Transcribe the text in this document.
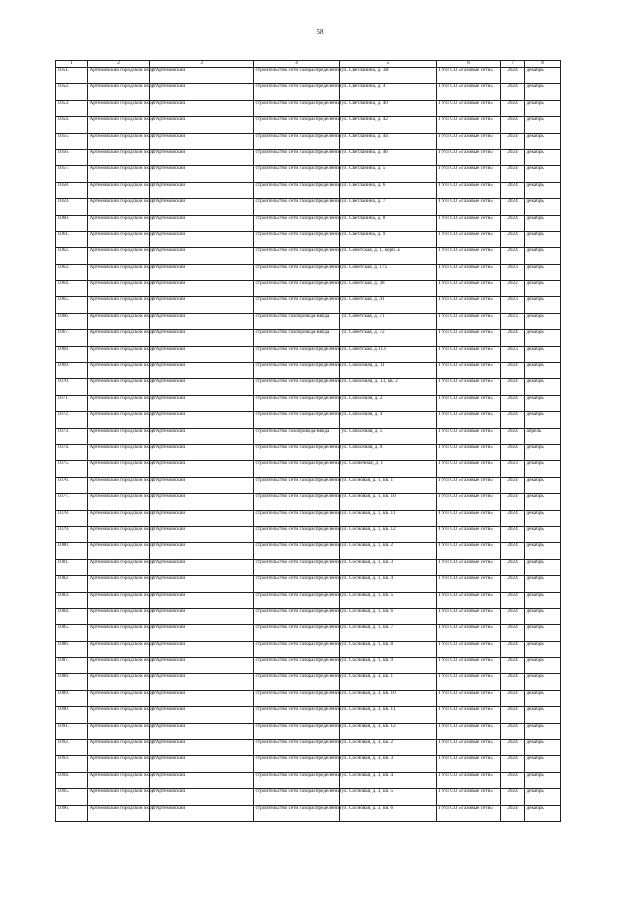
58
1	2	3	4	5	6	7	8
1051.	Артемовский городской округ	г. Артемовский	строительство сети газораспределения	ул. Светланина, д. 3В	ГУП СО «Газовые сети»	2024	декабрь
1052.	Артемовский городской округ	г. Артемовский	строительство сети газораспределения	ул. Светланина, д. 4	ГУП СО «Газовые сети»	2024	декабрь
1053.	Артемовский городской округ	г. Артемовский	строительство сети газораспределения	ул. Светланина, д. 40	ГУП СО «Газовые сети»	2024	декабрь
1054.	Артемовский городской округ	г. Артемовский	строительство сети газораспределения	ул. Светланина, д. 42	ГУП СО «Газовые сети»	2024	декабрь
1055.	Артемовский городской округ	г. Артемовский	строительство сети газораспределения	ул. Светланина, д. 44	ГУП СО «Газовые сети»	2024	декабрь
1056.	Артемовский городской округ	г. Артемовский	строительство сети газораспределения	ул. Светланина, д. 46	ГУП СО «Газовые сети»	2024	декабрь
1057.	Артемовский городской округ	г. Артемовский	строительство сети газораспределения	ул. Светланина, д. 5	ГУП СО «Газовые сети»	2024	декабрь
1058.	Артемовский городской округ	г. Артемовский	строительство сети газораспределения	ул. Светланина, д. 6	ГУП СО «Газовые сети»	2024	декабрь
1059.	Артемовский городской округ	г. Артемовский	строительство сети газораспределения	ул. Светланина, д. 7	ГУП СО «Газовые сети»	2024	декабрь
1060.	Артемовский городской округ	г. Артемовский	строительство сети газораспределения	ул. Светланина, д. 8	ГУП СО «Газовые сети»	2024	декабрь
1061.	Артемовский городской округ	г. Артемовский	строительство сети газораспределения	ул. Светланина, д. 9	ГУП СО «Газовые сети»	2024	декабрь
1062.	Артемовский городской округ	г. Артемовский	строительство сети газораспределения	ул. Советская, д. 1, корп. а	ГУП СО «Газовые сети»	2024	декабрь
1063.	Артемовский городской округ	г. Артемовский	строительство сети газораспределения	ул. Советская, д. 175	ГУП СО «Газовые сети»	2023	декабрь
1064.	Артемовский городской округ	г. Артемовский	строительство сети газораспределения	ул. Советская, д. 38	ГУП СО «Газовые сети»	2022	декабрь
1065.	Артемовский городской округ	г. Артемовский	строительство сети газораспределения	ул. Советская, д. 41	ГУП СО «Газовые сети»	2023	декабрь
1066.	Артемовский городской округ	г. Артемовский	строительство газопровода-ввода	ул. Советская, д. 71	ГУП СО «Газовые сети»	2023	декабрь
1067.	Артемовский городской округ	г. Артемовский	строительство газопровода-ввода	ул. Советская, д. 72	ГУП СО «Газовые сети»	2024	декабрь
1068.	Артемовский городской округ	г. Артемовский	строительство сети газораспределения	ул. Советская, д.113	ГУП СО «Газовые сети»	2023	декабрь
1069.	Артемовский городской округ	г. Артемовский	строительство сети газораспределения	ул. Совхозная, д. 11	ГУП СО «Газовые сети»	2024	декабрь
1070.	Артемовский городской округ	г. Артемовский	строительство сети газораспределения	ул. Совхозная, д. 13, кв. 2	ГУП СО «Газовые сети»	2024	декабрь
1071.	Артемовский городской округ	г. Артемовский	строительство сети газораспределения	ул. Совхозная, д. 2	ГУП СО «Газовые сети»	2024	декабрь
1072.	Артемовский городской округ	г. Артемовский	строительство сети газораспределения	ул. Совхозная, д. 4	ГУП СО «Газовые сети»	2024	декабрь
1073.	Артемовский городской округ	г. Артемовский	строительство газопровода-ввода	ул. Совхозная, д. 5	ГУП СО «Газовые сети»	2024	апрель
1074.	Артемовский городской округ	г. Артемовский	строительство сети газораспределения	ул. Совхозная, д. 8	ГУП СО «Газовые сети»	2024	декабрь
1075.	Артемовский городской округ	г. Артемовский	строительство сети газораспределения	ул. Солнечная, д. 1	ГУП СО «Газовые сети»	2023	декабрь
1076.	Артемовский городской округ	г. Артемовский	строительство сети газораспределения	ул. Сосновая, д. 1, кв. 1	ГУП СО «Газовые сети»	2024	декабрь
1077.	Артемовский городской округ	г. Артемовский	строительство сети газораспределения	ул. Сосновая, д. 1, кв. 10	ГУП СО «Газовые сети»	2024	декабрь
1078.	Артемовский городской округ	г. Артемовский	строительство сети газораспределения	ул. Сосновая, д. 1, кв. 11	ГУП СО «Газовые сети»	2024	декабрь
1079.	Артемовский городской округ	г. Артемовский	строительство сети газораспределения	ул. Сосновая, д. 1, кв. 12	ГУП СО «Газовые сети»	2024	декабрь
1080.	Артемовский городской округ	г. Артемовский	строительство сети газораспределения	ул. Сосновая, д. 1, кв. 2	ГУП СО «Газовые сети»	2024	декабрь
1081.	Артемовский городской округ	г. Артемовский	строительство сети газораспределения	ул. Сосновая, д. 1, кв. 3	ГУП СО «Газовые сети»	2024	декабрь
1082.	Артемовский городской округ	г. Артемовский	строительство сети газораспределения	ул. Сосновая, д. 1, кв. 4	ГУП СО «Газовые сети»	2024	декабрь
1083.	Артемовский городской округ	г. Артемовский	строительство сети газораспределения	ул. Сосновая, д. 1, кв. 5	ГУП СО «Газовые сети»	2024	декабрь
1084.	Артемовский городской округ	г. Артемовский	строительство сети газораспределения	ул. Сосновая, д. 1, кв. 6	ГУП СО «Газовые сети»	2024	декабрь
1085.	Артемовский городской округ	г. Артемовский	строительство сети газораспределения	ул. Сосновая, д. 1, кв. 7	ГУП СО «Газовые сети»	2024	декабрь
1086.	Артемовский городской округ	г. Артемовский	строительство сети газораспределения	ул. Сосновая, д. 1, кв. 8	ГУП СО «Газовые сети»	2024	декабрь
1087.	Артемовский городской округ	г. Артемовский	строительство сети газораспределения	ул. Сосновая, д. 1, кв. 9	ГУП СО «Газовые сети»	2024	декабрь
1088.	Артемовский городской округ	г. Артемовский	строительство сети газораспределения	ул. Сосновая, д. 3, кв. 1	ГУП СО «Газовые сети»	2024	декабрь
1089.	Артемовский городской округ	г. Артемовский	строительство сети газораспределения	ул. Сосновая, д. 3, кв. 10	ГУП СО «Газовые сети»	2024	декабрь
1090.	Артемовский городской округ	г. Артемовский	строительство сети газораспределения	ул. Сосновая, д. 3, кв. 11	ГУП СО «Газовые сети»	2024	декабрь
1091.	Артемовский городской округ	г. Артемовский	строительство сети газораспределения	ул. Сосновая, д. 3, кв. 12	ГУП СО «Газовые сети»	2024	декабрь
1092.	Артемовский городской округ	г. Артемовский	строительство сети газораспределения	ул. Сосновая, д. 3, кв. 2	ГУП СО «Газовые сети»	2024	декабрь
1093.	Артемовский городской округ	г. Артемовский	строительство сети газораспределения	ул. Сосновая, д. 3, кв. 3	ГУП СО «Газовые сети»	2024	декабрь
1094.	Артемовский городской округ	г. Артемовский	строительство сети газораспределения	ул. Сосновая, д. 3, кв. 4	ГУП СО «Газовые сети»	2024	декабрь
1095.	Артемовский городской округ	г. Артемовский	строительство сети газораспределения	ул. Сосновая, д. 3, кв. 5	ГУП СО «Газовые сети»	2024	декабрь
1096.	Артемовский городской округ	г. Артемовский	строительство сети газораспределения	ул. Сосновая, д. 3, кв. 6	ГУП СО «Газовые сети»	2024	декабрь
